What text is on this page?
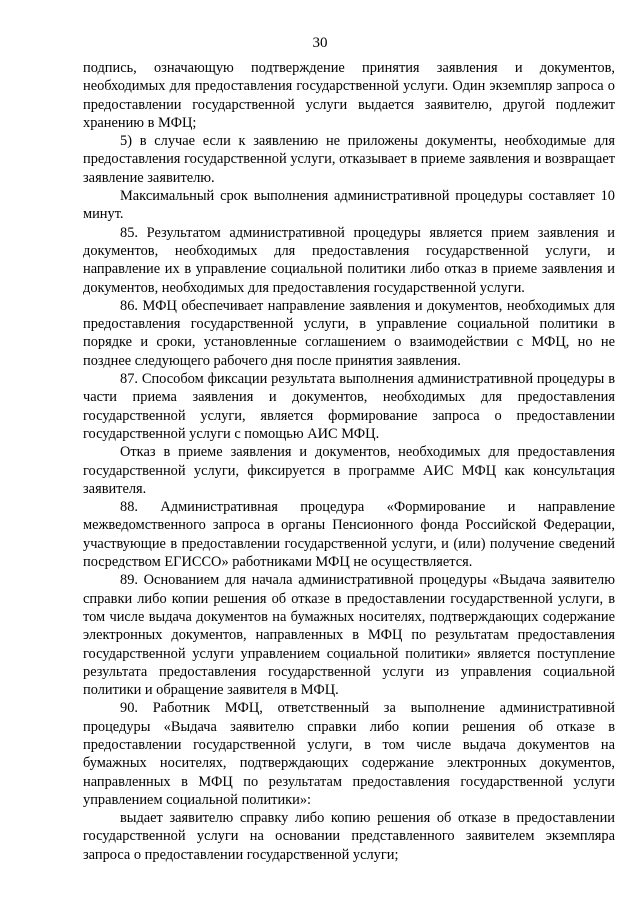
30

подпись, означающую подтверждение принятия заявления и документов, необходимых для предоставления государственной услуги. Один экземпляр запроса о предоставлении государственной услуги выдается заявителю, другой подлежит хранению в МФЦ;

5) в случае если к заявлению не приложены документы, необходимые для предоставления государственной услуги, отказывает в приеме заявления и возвращает заявление заявителю.

Максимальный срок выполнения административной процедуры составляет 10 минут.

85. Результатом административной процедуры является прием заявления и документов, необходимых для предоставления государственной услуги, и направление их в управление социальной политики либо отказ в приеме заявления и документов, необходимых для предоставления государственной услуги.

86. МФЦ обеспечивает направление заявления и документов, необходимых для предоставления государственной услуги, в управление социальной политики в порядке и сроки, установленные соглашением о взаимодействии с МФЦ, но не позднее следующего рабочего дня после принятия заявления.

87. Способом фиксации результата выполнения административной процедуры в части приема заявления и документов, необходимых для предоставления государственной услуги, является формирование запроса о предоставлении государственной услуги с помощью АИС МФЦ.

Отказ в приеме заявления и документов, необходимых для предоставления государственной услуги, фиксируется в программе АИС МФЦ как консультация заявителя.

88. Административная процедура «Формирование и направление межведомственного запроса в органы Пенсионного фонда Российской Федерации, участвующие в предоставлении государственной услуги, и (или) получение сведений посредством ЕГИССО» работниками МФЦ не осуществляется.

89. Основанием для начала административной процедуры «Выдача заявителю справки либо копии решения об отказе в предоставлении государственной услуги, в том числе выдача документов на бумажных носителях, подтверждающих содержание электронных документов, направленных в МФЦ по результатам предоставления государственной услуги управлением социальной политики» является поступление результата предоставления государственной услуги из управления социальной политики и обращение заявителя в МФЦ.

90. Работник МФЦ, ответственный за выполнение административной процедуры «Выдача заявителю справки либо копии решения об отказе в предоставлении государственной услуги, в том числе выдача документов на бумажных носителях, подтверждающих содержание электронных документов, направленных в МФЦ по результатам предоставления государственной услуги управлением социальной политики»:

выдает заявителю справку либо копию решения об отказе в предоставлении государственной услуги на основании представленного заявителем экземпляра запроса о предоставлении государственной услуги;
